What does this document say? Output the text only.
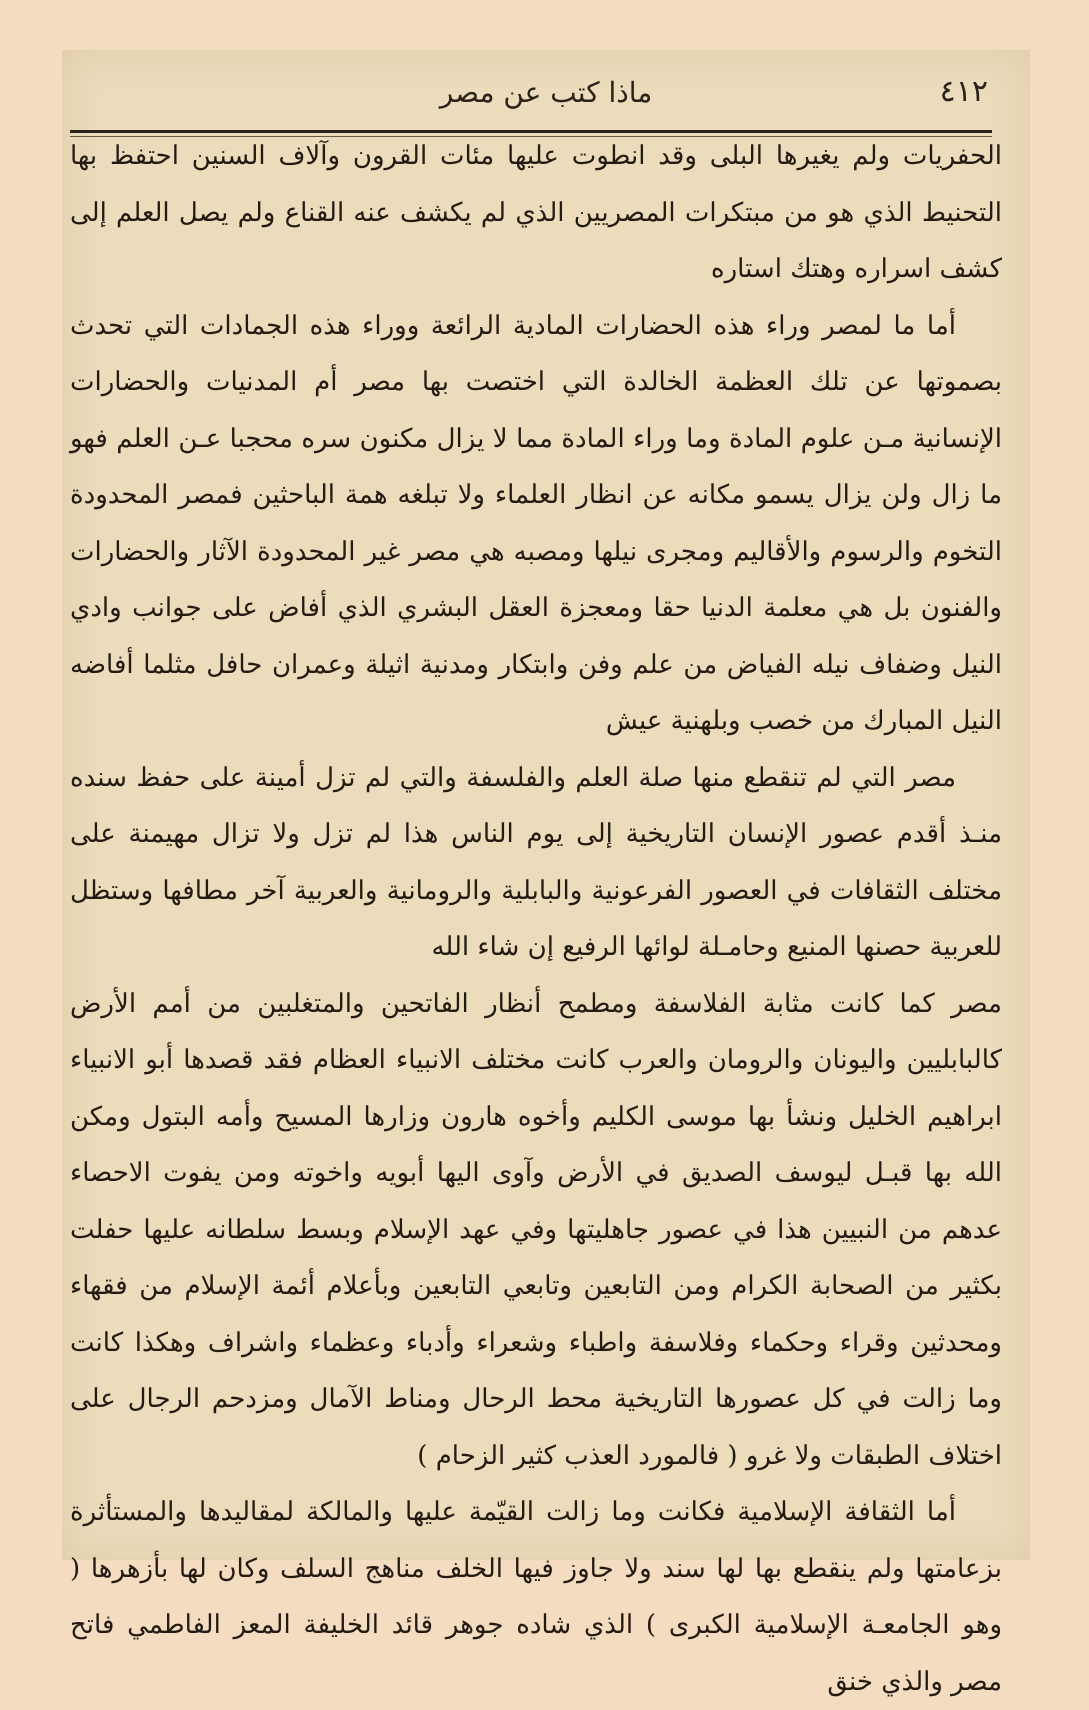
٤١٢
ماذا كتب عن مصر

الحفريات ولم يغيرها البلى وقد انطوت عليها مئات القرون وآلاف السنين احتفظ بها التحنيط الذي هو من مبتكرات المصريين الذي لم يكشف عنه القناع ولم يصل العلم إلى كشف اسراره وهتك استاره

أما ما لمصر وراء هذه الحضارات المادية الرائعة ووراء هذه الجمادات التي تحدث بصموتها عن تلك العظمة الخالدة التي اختصت بها مصر أم المدنيات والحضارات الإنسانية مـن علوم المادة وما وراء المادة مما لا يزال مكنون سره محجبا عـن العلم فهو ما زال ولن يزال يسمو مكانه عن انظار العلماء ولا تبلغه همة الباحثين فمصر المحدودة التخوم والرسوم والأقاليم ومجرى نيلها ومصبه هي مصر غير المحدودة الآثار والحضارات والفنون بل هي معلمة الدنيا حقا ومعجزة العقل البشري الذي أفاض على جوانب وادي النيل وضفاف نيله الفياض من علم وفن وابتكار ومدنية اثيلة وعمران حافل مثلما أفاضه النيل المبارك من خصب وبلهنية عيش

مصر التي لم تنقطع منها صلة العلم والفلسفة والتي لم تزل أمينة على حفظ سنده منـذ أقدم عصور الإنسان التاريخية إلى يوم الناس هذا لم تزل ولا تزال مهيمنة على مختلف الثقافات في العصور الفرعونية والبابلية والرومانية والعربية آخر مطافها وستظل للعربية حصنها المنيع وحامـلة لوائها الرفيع إن شاء الله

مصر كما كانت مثابة الفلاسفة ومطمح أنظار الفاتحين والمتغلبين من أمم الأرض كالبابليين واليونان والرومان والعرب كانت مختلف الانبياء العظام فقد قصدها أبو الانبياء ابراهيم الخليل ونشأ بها موسى الكليم وأخوه هارون وزارها المسيح وأمه البتول ومكن الله بها قبـل ليوسف الصديق في الأرض وآوى اليها أبويه واخوته ومن يفوت الاحصاء عدهم من النبيين هذا في عصور جاهليتها وفي عهد الإسلام وبسط سلطانه عليها حفلت بكثير من الصحابة الكرام ومن التابعين وتابعي التابعين وبأعلام أئمة الإسلام من فقهاء ومحدثين وقراء وحكماء وفلاسفة واطباء وشعراء وأدباء وعظماء واشراف وهكذا كانت وما زالت في كل عصورها التاريخية محط الرحال ومناط الآمال ومزدحم الرجال على اختلاف الطبقات ولا غرو ( فالمورد العذب كثير الزحام )

أما الثقافة الإسلامية فكانت وما زالت القيّمة عليها والمالكة لمقاليدها والمستأثرة بزعامتها ولم ينقطع بها لها سند ولا جاوز فيها الخلف مناهج السلف وكان لها بأزهرها ( وهو الجامعـة الإسلامية الكبرى ) الذي شاده جوهر قائد الخليفة المعز الفاطمي فاتح مصر والذي خنق
